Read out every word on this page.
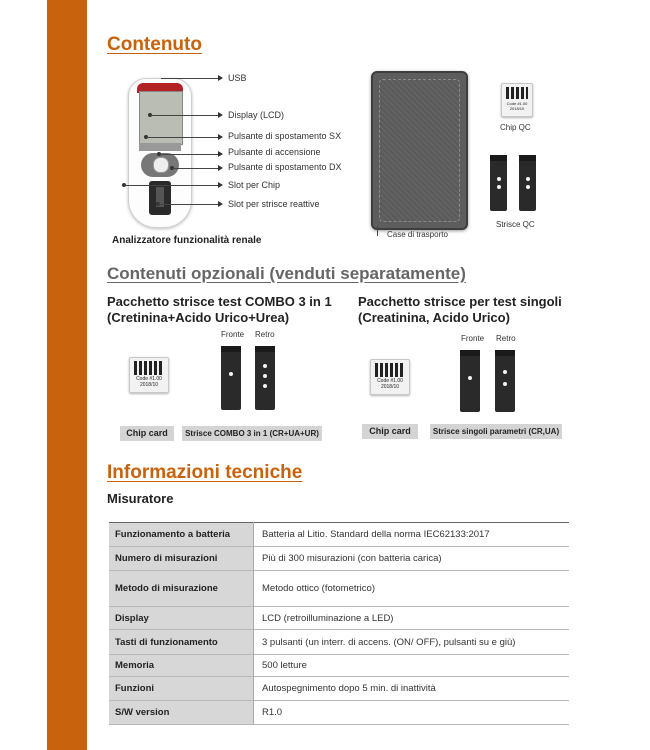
Contenuto
USB
Display (LCD)
Pulsante di spostamento SX
Pulsante di accensione
Pulsante di spostamento DX
Slot per Chip
Slot per strisce reattive
Analizzatore funzionalità renale
Case di trasporto
Code #1.00
2018/10
Chip QC
Strisce QC
Contenuti opzionali (venduti separatamente)
Pacchetto strisce test COMBO 3 in 1
(Cretinina+Acido Urico+Urea)
Fronte Retro
Code #1.00
2018/10
Chip card	Strisce COMBO 3 in 1 (CR+UA+UR)
Pacchetto strisce per test singoli
(Creatinina, Acido Urico)
Fronte Retro
Code #1.00
2018/10
Chip card	Strisce singoli parametri (CR,UA)
Informazioni tecniche
Misuratore
Funzionamento a batteria	Batteria al Litio. Standard della norma IEC62133:2017
Numero di misurazioni	Più di 300 misurazioni (con batteria carica)
Metodo di misurazione	Metodo ottico (fotometrico)
Display	LCD (retroilluminazione a LED)
Tasti di funzionamento	3 pulsanti (un interr. di accens. (ON/ OFF), pulsanti su e giù)
Memoria	500 letture
Funzioni	Autospegnimento dopo 5 min. di inattività
S/W version	R1.0
